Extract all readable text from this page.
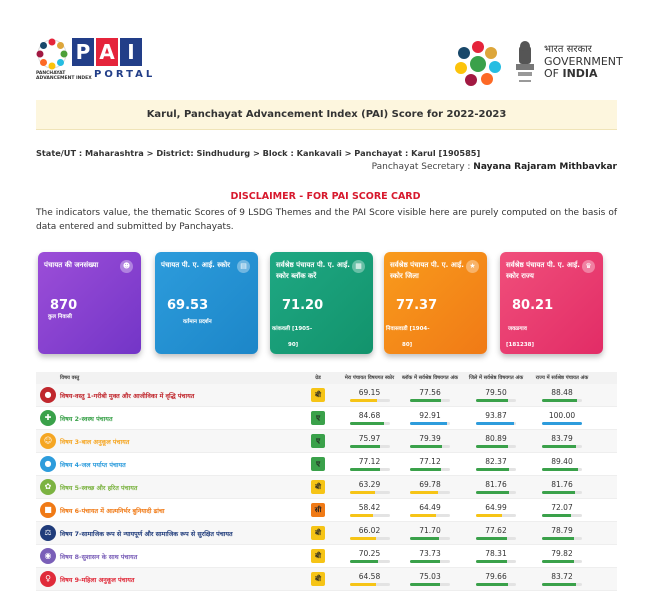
P A I
PANCHAYAT ADVANCEMENT INDEX PORTAL
भारत सरकार
GOVERNMENT
OF INDIA
Karul, Panchayat Advancement Index (PAI) Score for 2022-2023
State/UT : Maharashtra > District: Sindhudurg > Block : Kankavali > Panchayat : Karul [190585]
Panchayat Secretary : Nayana Rajaram Mithbavkar
DISCLAIMER - FOR PAI SCORE CARD
The indicators value, the thematic Scores of 9 LSDG Themes and the PAI Score visible here are purely computed on the basis of data entered and submitted by Panchayats.
पंचायत की जनसंख्या	☻
870
कुल निवासी
पंचायत पी. ए. आई. स्कोर	▤
69.53
वर्तमान प्रदर्शन
सर्वश्रेष्ठ पंचायत पी. ए. आई. स्कोर ब्लॉक करें
▦
71.20
कांकवली [1905-
90]
सर्वश्रेष्ठ पंचायत पी. ए. आई. स्कोर जिला
★
77.37
निवासवाडी [1904-
80]
सर्वश्रेष्ठ पंचायत पी. ए. आई. स्कोर राज्य
♛
80.21
जवळगाव
[181238]
विषय वस्तु	ग्रेड	मेरा पंचायत विषयगत स्कोर	ब्लॉक में सर्वश्रेष्ठ विषयगत अंक	जिले में सर्वश्रेष्ठ विषयगत अंक	राज्य में सर्वश्रेष्ठ पंचायत अंक
●	विषय-वस्तु 1-गरीबी मुक्त और आजीविका में वृद्धि पंचायत	बी	69.15	77.56	79.50	88.48
✚	विषय 2-स्वस्थ पंचायत	ए	84.68	92.91	93.87	100.00
☺	विषय 3-बाल अनुकूल पंचायत	ए	75.97	79.39	80.89	83.79
●	विषय 4-जल पर्याप्त पंचायत	ए	77.12	77.12	82.37	89.40
✿	विषय 5-स्वच्छ और हरित पंचायत	बी	63.29	69.78	81.76	81.76
■	विषय 6-पंचायत में आत्मनिर्भर बुनियादी ढांचा	सी	58.42	64.49	64.99	72.07
⚖	विषय 7-सामाजिक रूप से न्यायपूर्ण और सामाजिक रूप से सुरक्षित पंचायत	बी	66.02	71.70	77.62	78.79
◉	विषय 8-सुशासन के साथ पंचायत	बी	70.25	73.73	78.31	79.82
♀	विषय 9-महिला अनुकूल पंचायत	बी	64.58	75.03	79.66	83.72
